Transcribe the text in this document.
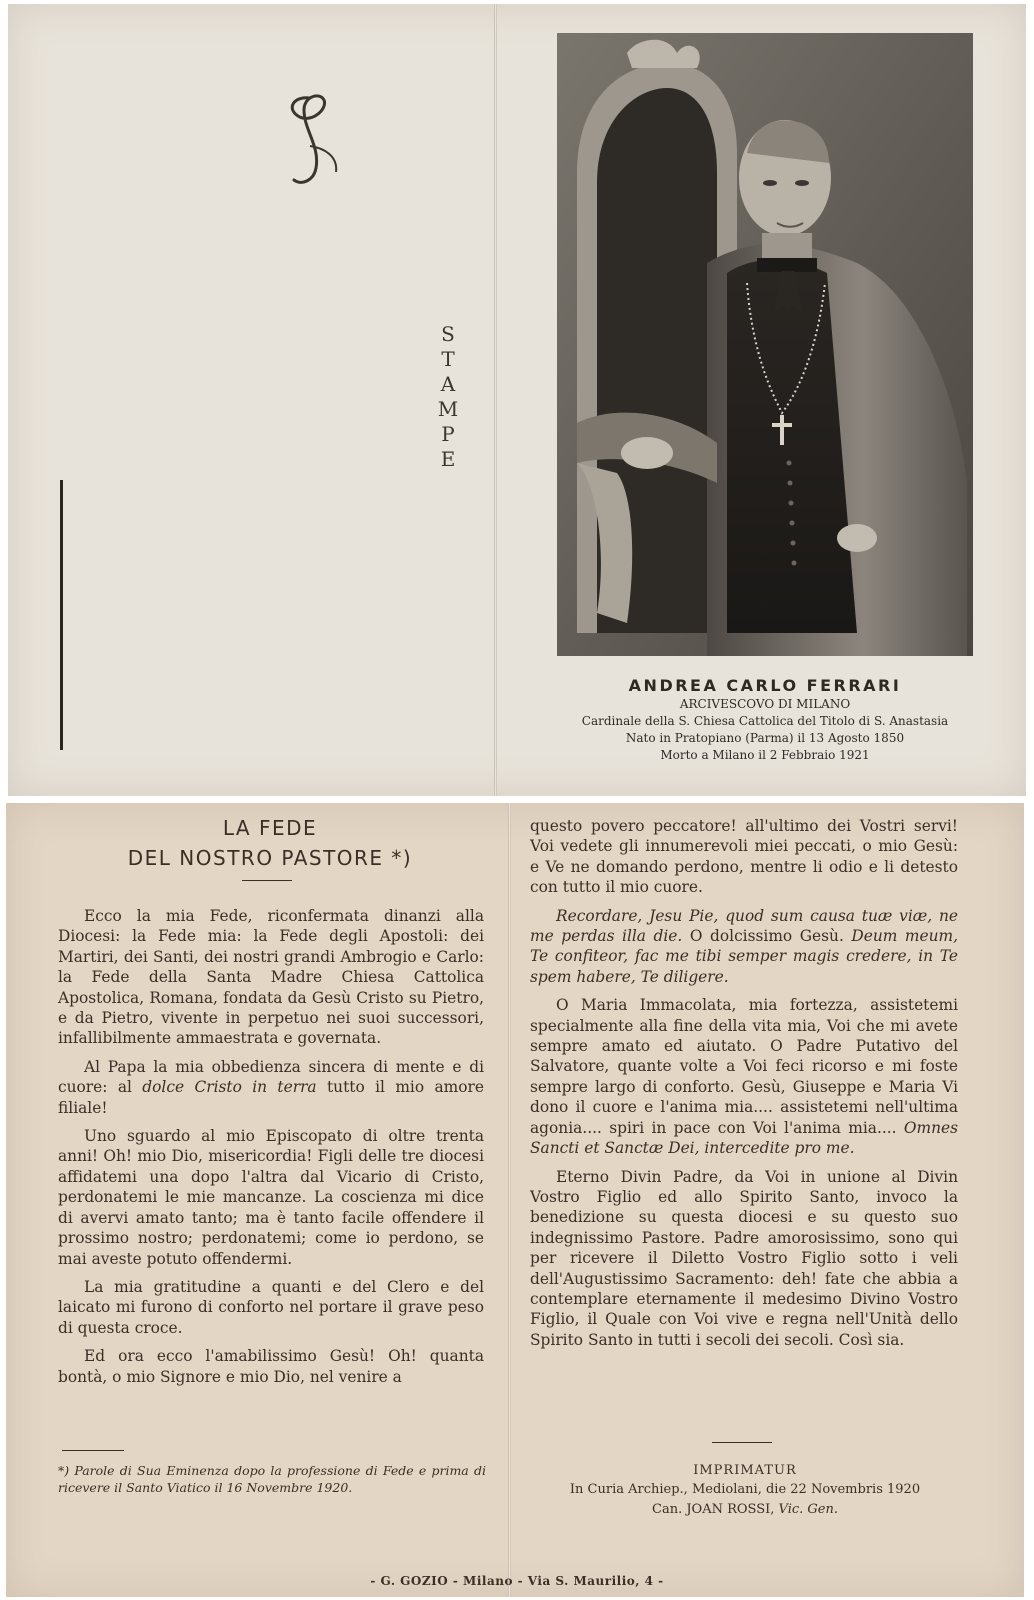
S
T
A
M
P
E
ANDREA CARLO FERRARI
ARCIVESCOVO DI MILANO
Cardinale della S. Chiesa Cattolica del Titolo di S. Anastasia
Nato in Pratopiano (Parma) il 13 Agosto 1850
Morto a Milano il 2 Febbraio 1921
LA FEDE
DEL NOSTRO PASTORE *)

Ecco la mia Fede, riconfermata dinanzi alla Diocesi: la Fede mia: la Fede degli Apostoli: dei Martiri, dei Santi, dei nostri grandi Ambrogio e Carlo: la Fede della Santa Madre Chiesa Cattolica Apostolica, Romana, fondata da Gesù Cristo su Pietro, e da Pietro, vivente in perpetuo nei suoi successori, infallibilmente ammaestrata e governata.

Al Papa la mia obbedienza sincera di mente e di cuore: al dolce Cristo in terra tutto il mio amore filiale!

Uno sguardo al mio Episcopato di oltre trenta anni! Oh! mio Dio, misericordia! Figli delle tre diocesi affidatemi una dopo l'altra dal Vicario di Cristo, perdonatemi le mie mancanze. La coscienza mi dice di avervi amato tanto; ma è tanto facile offendere il prossimo nostro; perdonatemi; come io perdono, se mai aveste potuto offendermi.

La mia gratitudine a quanti e del Clero e del laicato mi furono di conforto nel portare il grave peso di questa croce.

Ed ora ecco l'amabilissimo Gesù! Oh! quanta bontà, o mio Signore e mio Dio, nel venire a

*) Parole di Sua Eminenza dopo la professione di Fede e prima di ricevere il Santo Viatico il 16 Novembre 1920.

questo povero peccatore! all'ultimo dei Vostri servi! Voi vedete gli innumerevoli miei peccati, o mio Gesù: e Ve ne domando perdono, mentre li odio e li detesto con tutto il mio cuore.

Recordare, Jesu Pie, quod sum causa tuæ viæ, ne me perdas illa die. O dolcissimo Gesù. Deum meum, Te confiteor, fac me tibi semper magis credere, in Te spem habere, Te diligere.

O Maria Immacolata, mia fortezza, assistetemi specialmente alla fine della vita mia, Voi che mi avete sempre amato ed aiutato. O Padre Putativo del Salvatore, quante volte a Voi feci ricorso e mi foste sempre largo di conforto. Gesù, Giuseppe e Maria Vi dono il cuore e l'anima mia.... assistetemi nell'ultima agonia.... spiri in pace con Voi l'anima mia.... Omnes Sancti et Sanctæ Dei, intercedite pro me.

Eterno Divin Padre, da Voi in unione al Divin Vostro Figlio ed allo Spirito Santo, invoco la benedizione su questa diocesi e su questo suo indegnissimo Pastore. Padre amorosissimo, sono qui per ricevere il Diletto Vostro Figlio sotto i veli dell'Augustissimo Sacramento: deh! fate che abbia a contemplare eternamente il medesimo Divino Vostro Figlio, il Quale con Voi vive e regna nell'Unità dello Spirito Santo in tutti i secoli dei secoli. Così sia.

IMPRIMATUR
In Curia Archiep., Mediolani, die 22 Novembris 1920
Can. JOAN ROSSI, Vic. Gen.
- G. GOZIO - Milano - Via S. Maurilio, 4 -
